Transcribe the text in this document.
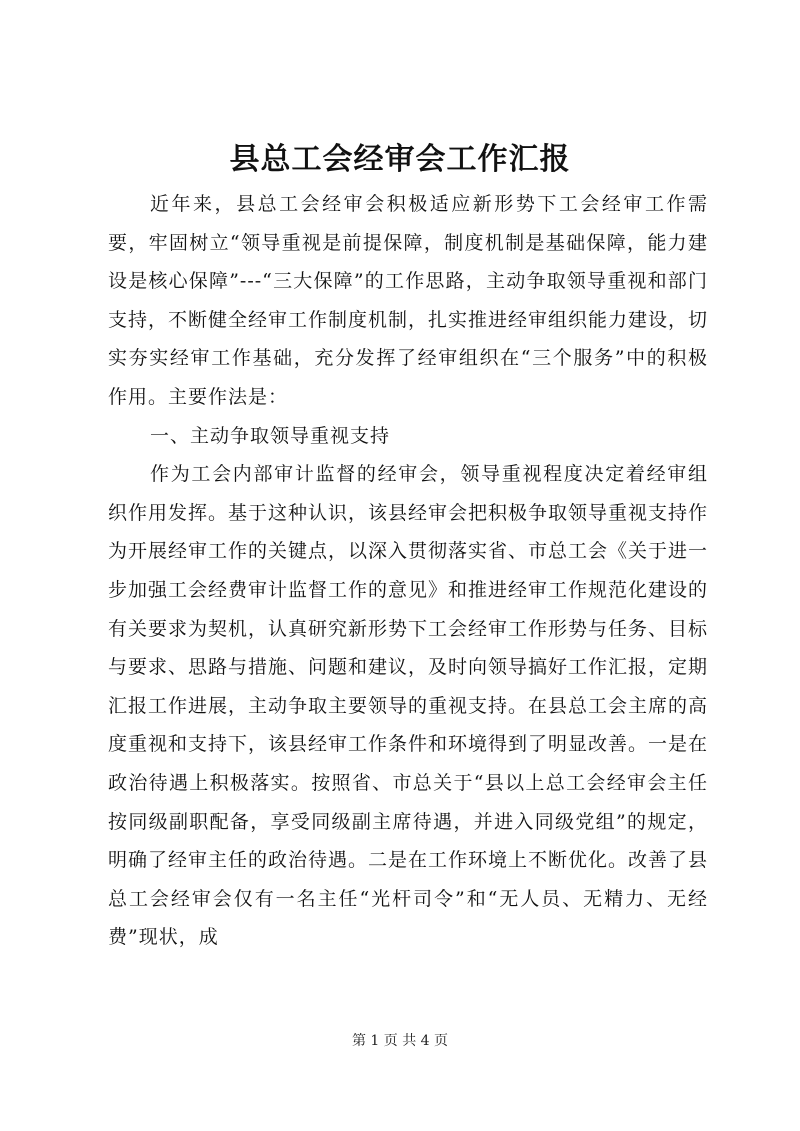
县总工会经审会工作汇报

近年来，县总工会经审会积极适应新形势下工会经审工作需要，牢固树立“领导重视是前提保障，制度机制是基础保障，能力建设是核心保障”---“三大保障”的工作思路，主动争取领导重视和部门支持，不断健全经审工作制度机制，扎实推进经审组织能力建设，切实夯实经审工作基础，充分发挥了经审组织在“三个服务”中的积极作用。主要作法是：

一、主动争取领导重视支持

作为工会内部审计监督的经审会，领导重视程度决定着经审组织作用发挥。基于这种认识，该县经审会把积极争取领导重视支持作为开展经审工作的关键点，以深入贯彻落实省、市总工会《关于进一步加强工会经费审计监督工作的意见》和推进经审工作规范化建设的有关要求为契机，认真研究新形势下工会经审工作形势与任务、目标与要求、思路与措施、问题和建议，及时向领导搞好工作汇报，定期汇报工作进展，主动争取主要领导的重视支持。在县总工会主席的高度重视和支持下，该县经审工作条件和环境得到了明显改善。一是在政治待遇上积极落实。按照省、市总关于“县以上总工会经审会主任按同级副职配备，享受同级副主席待遇，并进入同级党组”的规定，明确了经审主任的政治待遇。二是在工作环境上不断优化。改善了县总工会经审会仅有一名主任“光杆司令”和“无人员、无精力、无经费”现状，成

第 1 页 共 4 页
